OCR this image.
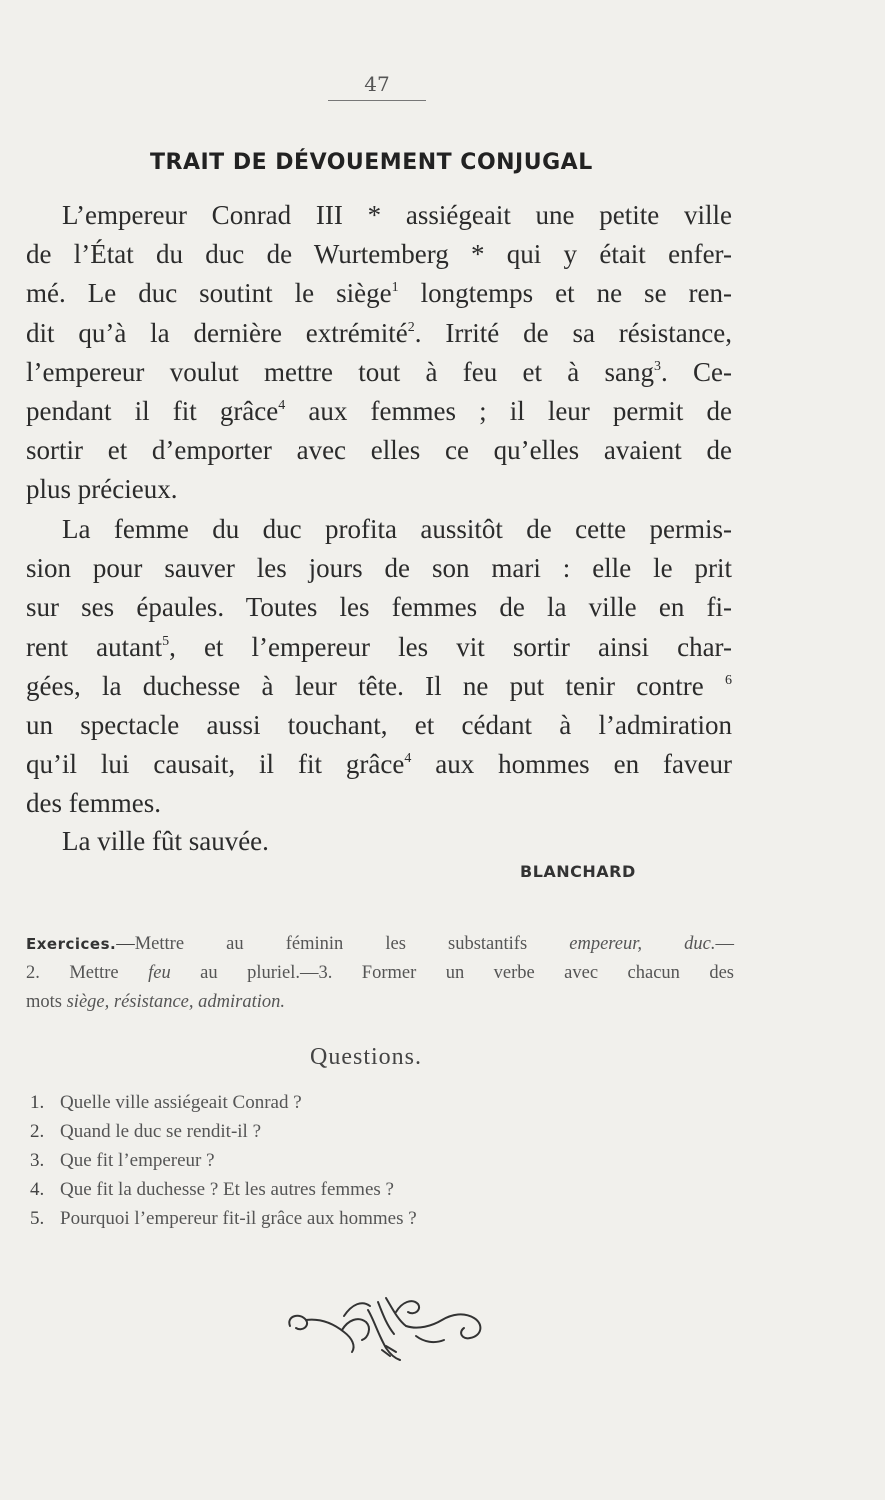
47
TRAIT DE DÉVOUEMENT CONJUGAL
L’empereur Conrad III * assiégeait une petite ville
de l’État du duc de Wurtemberg * qui y était enfer-
mé. Le duc soutint le siège$^1$ longtemps et ne se ren-
dit qu’à la dernière extrémité$^2$. Irrité de sa résistance,
l’empereur voulut mettre tout à feu et à sang$^3$. Ce-
pendant il fit grâce$^4$ aux femmes ; il leur permit de
sortir et d’emporter avec elles ce qu’elles avaient de
plus précieux.
La femme du duc profita aussitôt de cette permis-
sion pour sauver les jours de son mari : elle le prit
sur ses épaules. Toutes les femmes de la ville en fi-
rent autant$^5$, et l’empereur les vit sortir ainsi char-
gées, la duchesse à leur tête. Il ne put tenir contre $^6$
un spectacle aussi touchant, et cédant à l’admiration
qu’il lui causait, il fit grâce$^4$ aux hommes en faveur
des femmes.
La ville fût sauvée.
BLANCHARD
Exercices.—Mettre au féminin les substantifs empereur, duc.—
2. Mettre feu au pluriel.—3. Former un verbe avec chacun des
mots siège, résistance, admiration.
Questions.
1. Quelle ville assiégeait Conrad ?
2. Quand le duc se rendit-il ?
3. Que fit l’empereur ?
4. Que fit la duchesse ? Et les autres femmes ?
5. Pourquoi l’empereur fit-il grâce aux hommes ?
